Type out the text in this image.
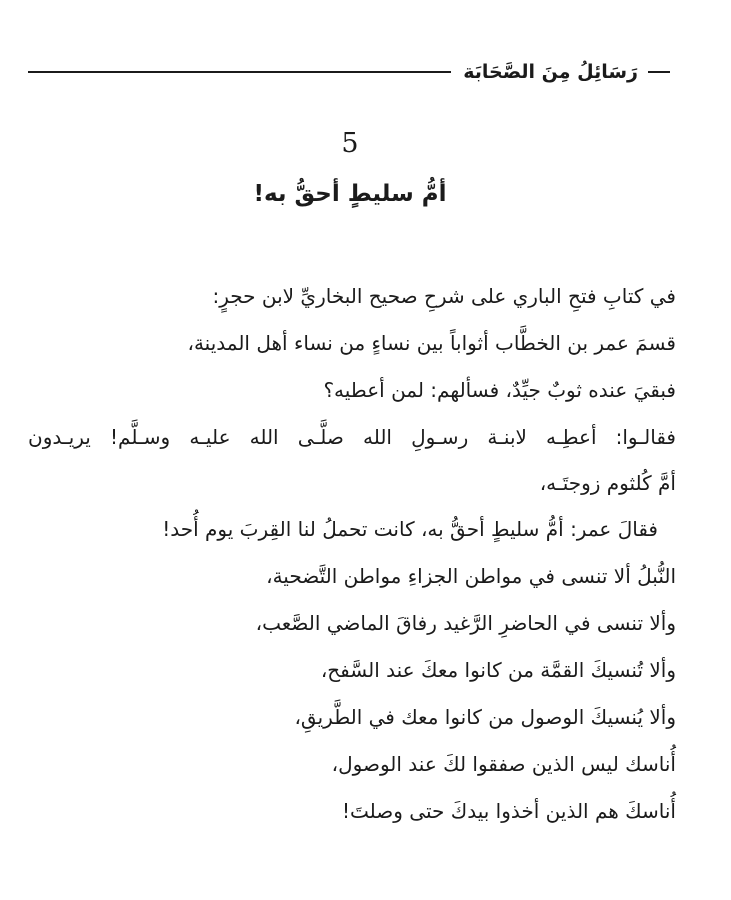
رَسَائِلُ مِنَ الصَّحَابَة
5
أمُّ سليطٍ أحقُّ به!
في كتابِ فتحِ الباري على شرحِ صحيح البخاريِّ لابن حجرٍ:
قسمَ عمر بن الخطَّاب أثواباً بين نساءٍ من نساء أهل المدينة،
فبقيَ عنده ثوبٌ جيِّدٌ، فسألهم: لمن أعطيه؟
فقالـوا: أعطِـه لابنـة رسـولِ الله صلَّـى الله عليـه وسـلَّم! يريـدون
أمَّ كُلثوم زوجتَـه،
فقالَ عمر: أمُّ سليطٍ أحقُّ به، كانت تحملُ لنا القِربَ يوم أُحد!
النُّبلُ ألا تنسى في مواطن الجزاءِ مواطن التَّضحية،
وألا تنسى في الحاضرِ الرَّغيد رفاقَ الماضي الصَّعب،
وألا تُنسيكَ القمَّة من كانوا معكَ عند السَّفح،
وألا يُنسيكَ الوصول من كانوا معك في الطَّريقِ،
أُناسك ليس الذين صفقوا لكَ عند الوصول،
أُناسكَ هم الذين أخذوا بيدكَ حتى وصلتَ!
